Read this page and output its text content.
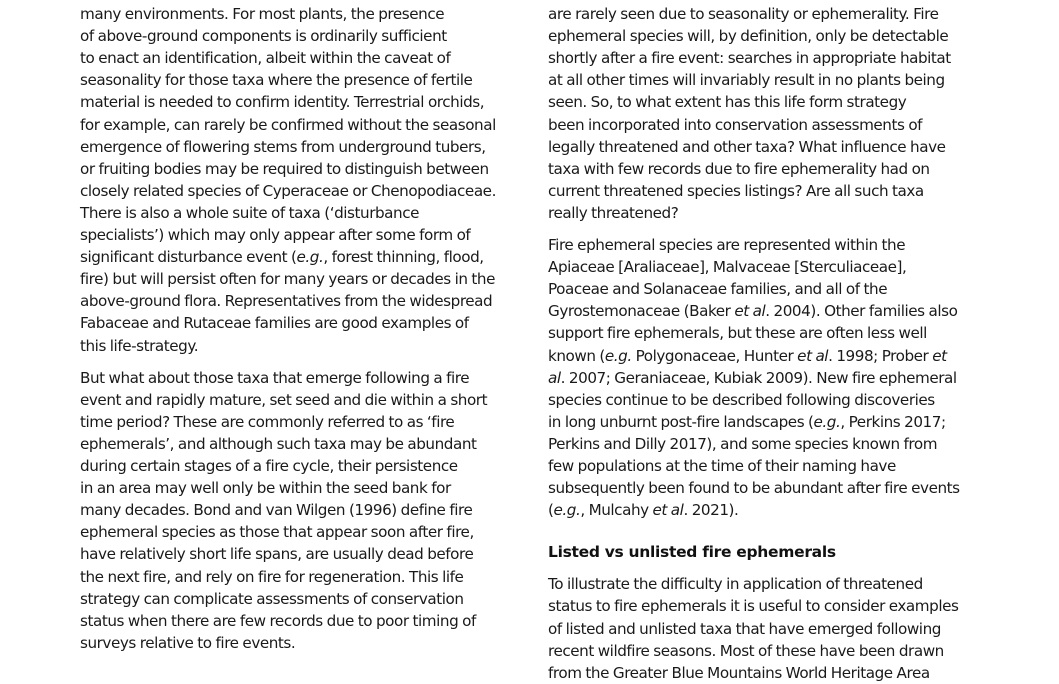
many environments. For most plants, the presence
of above-ground components is ordinarily sufficient
to enact an identification, albeit within the caveat of
seasonality for those taxa where the presence of fertile
material is needed to confirm identity. Terrestrial orchids,
for example, can rarely be confirmed without the seasonal
emergence of flowering stems from underground tubers,
or fruiting bodies may be required to distinguish between
closely related species of Cyperaceae or Chenopodiaceae.
There is also a whole suite of taxa (‘disturbance
specialists’) which may only appear after some form of
significant disturbance event (e.g., forest thinning, flood,
fire) but will persist often for many years or decades in the
above-ground flora. Representatives from the widespread
Fabaceae and Rutaceae families are good examples of
this life-strategy.
But what about those taxa that emerge following a fire
event and rapidly mature, set seed and die within a short
time period? These are commonly referred to as ‘fire
ephemerals’, and although such taxa may be abundant
during certain stages of a fire cycle, their persistence
in an area may well only be within the seed bank for
many decades. Bond and van Wilgen (1996) define fire
ephemeral species as those that appear soon after fire,
have relatively short life spans, are usually dead before
the next fire, and rely on fire for regeneration. This life
strategy can complicate assessments of conservation
status when there are few records due to poor timing of
surveys relative to fire events.
are rarely seen due to seasonality or ephemerality. Fire
ephemeral species will, by definition, only be detectable
shortly after a fire event: searches in appropriate habitat
at all other times will invariably result in no plants being
seen. So, to what extent has this life form strategy
been incorporated into conservation assessments of
legally threatened and other taxa? What influence have
taxa with few records due to fire ephemerality had on
current threatened species listings? Are all such taxa
really threatened?
Fire ephemeral species are represented within the
Apiaceae [Araliaceae], Malvaceae [Sterculiaceae],
Poaceae and Solanaceae families, and all of the
Gyrostemonaceae (Baker et al. 2004). Other families also
support fire ephemerals, but these are often less well
known (e.g. Polygonaceae, Hunter et al. 1998; Prober et
al. 2007; Geraniaceae, Kubiak 2009). New fire ephemeral
species continue to be described following discoveries
in long unburnt post-fire landscapes (e.g., Perkins 2017;
Perkins and Dilly 2017), and some species known from
few populations at the time of their naming have
subsequently been found to be abundant after fire events
(e.g., Mulcahy et al. 2021).
Listed vs unlisted fire ephemerals
To illustrate the difficulty in application of threatened
status to fire ephemerals it is useful to consider examples
of listed and unlisted taxa that have emerged following
recent wildfire seasons. Most of these have been drawn
from the Greater Blue Mountains World Heritage Area
